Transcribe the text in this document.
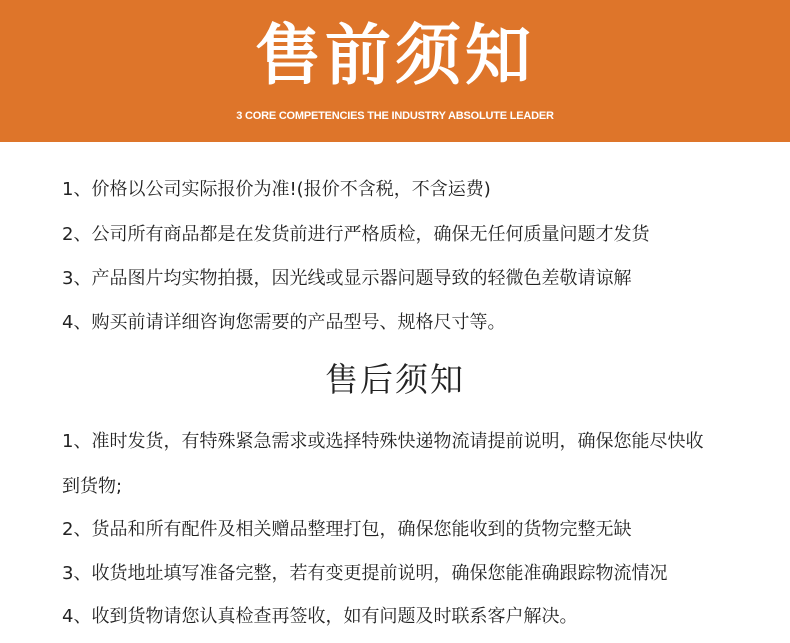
售前须知
3 CORE COMPETENCIES THE INDUSTRY ABSOLUTE LEADER

1、价格以公司实际报价为准!(报价不含税，不含运费)

2、公司所有商品都是在发货前进行严格质检，确保无任何质量问题才发货

3、产品图片均实物拍摄，因光线或显示器问题导致的轻微色差敬请谅解

4、购买前请详细咨询您需要的产品型号、规格尺寸等。

售后须知

1、准时发货，有特殊紧急需求或选择特殊快递物流请提前说明，确保您能尽快收

到货物;

2、货品和所有配件及相关赠品整理打包，确保您能收到的货物完整无缺

3、收货地址填写准备完整，若有变更提前说明，确保您能准确跟踪物流情况

4、收到货物请您认真检查再签收，如有问题及时联系客户解决。
